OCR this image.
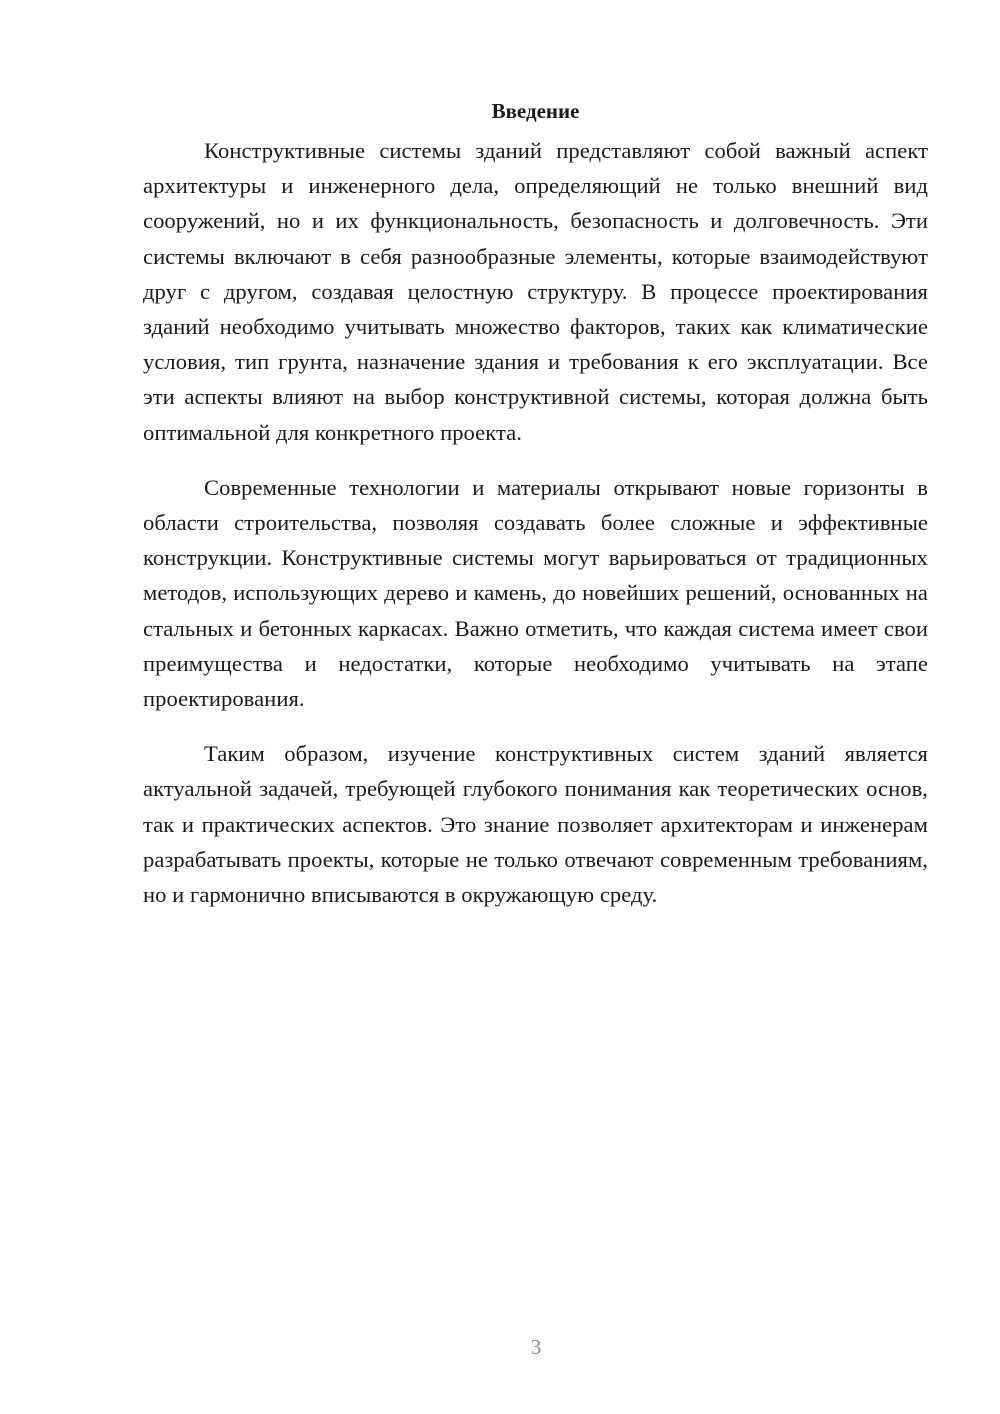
Введение

Конструктивные системы зданий представляют собой важный аспект архитектуры и инженерного дела, определяющий не только внешний вид сооружений, но и их функциональность, безопасность и долговечность. Эти системы включают в себя разнообразные элементы, которые взаимодействуют друг с другом, создавая целостную структуру. В процессе проектирования зданий необходимо учитывать множество факторов, таких как климатические условия, тип грунта, назначение здания и требования к его эксплуатации. Все эти аспекты влияют на выбор конструктивной системы, которая должна быть оптимальной для конкретного проекта.

Современные технологии и материалы открывают новые горизонты в области строительства, позволяя создавать более сложные и эффективные конструкции. Конструктивные системы могут варьироваться от традиционных методов, использующих дерево и камень, до новейших решений, основанных на стальных и бетонных каркасах. Важно отметить, что каждая система имеет свои преимущества и недостатки, которые необходимо учитывать на этапе проектирования.

Таким образом, изучение конструктивных систем зданий является актуальной задачей, требующей глубокого понимания как теоретических основ, так и практических аспектов. Это знание позволяет архитекторам и инженерам разрабатывать проекты, которые не только отвечают современным требованиям, но и гармонично вписываются в окружающую среду.

3
